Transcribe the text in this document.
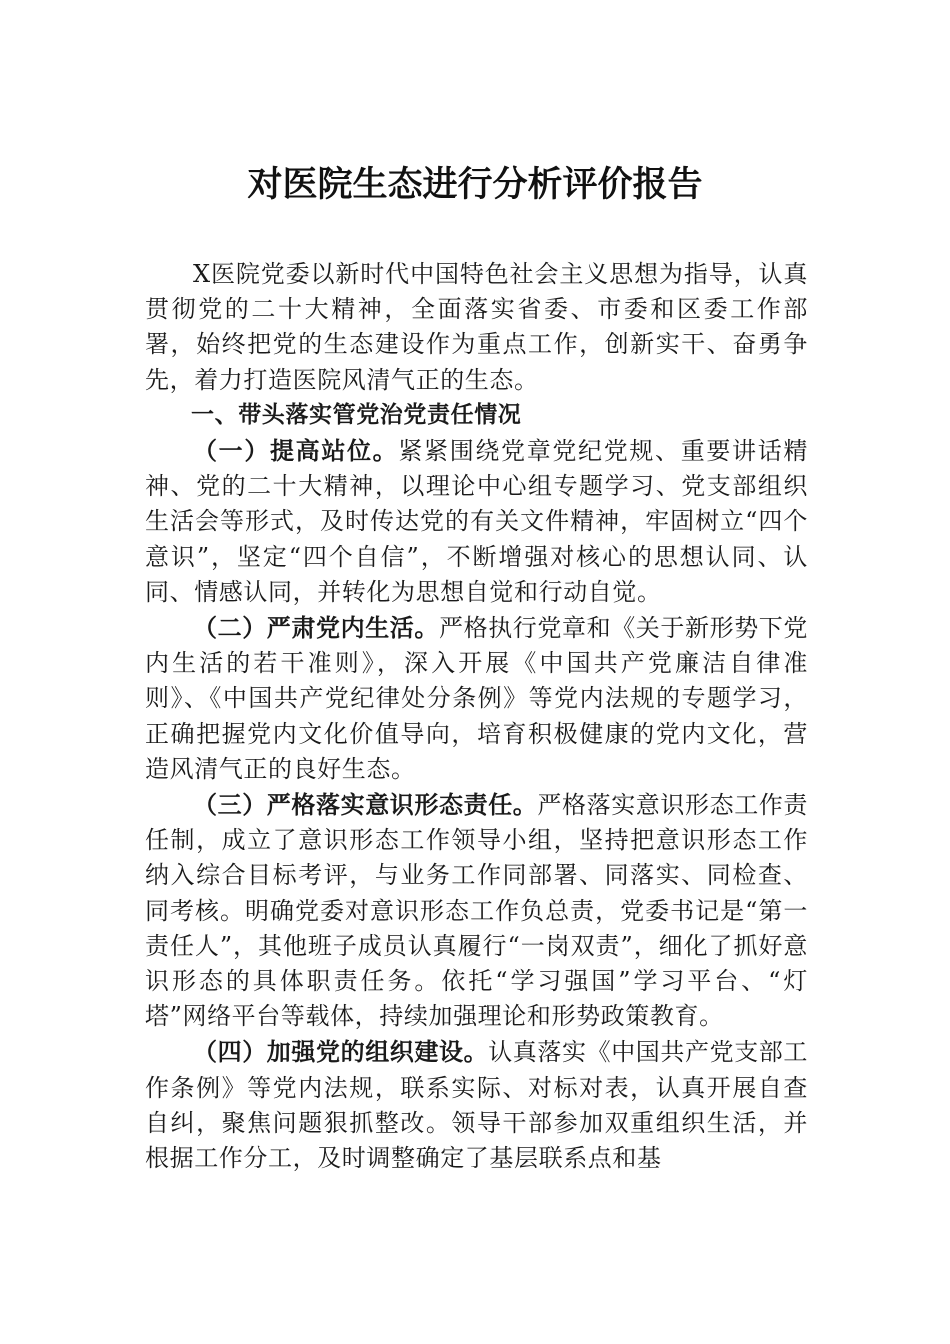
对医院生态进行分析评价报告

X医院党委以新时代中国特色社会主义思想为指导，认真贯彻党的二十大精神，全面落实省委、市委和区委工作部署，始终把党的生态建设作为重点工作，创新实干、奋勇争先，着力打造医院风清气正的生态。

一、带头落实管党治党责任情况

（一）提高站位。紧紧围绕党章党纪党规、重要讲话精神、党的二十大精神，以理论中心组专题学习、党支部组织生活会等形式，及时传达党的有关文件精神，牢固树立“四个意识”，坚定“四个自信”，不断增强对核心的思想认同、认同、情感认同，并转化为思想自觉和行动自觉。

（二）严肃党内生活。严格执行党章和《关于新形势下党内生活的若干准则》，深入开展《中国共产党廉洁自律准则》、《中国共产党纪律处分条例》等党内法规的专题学习，正确把握党内文化价值导向，培育积极健康的党内文化，营造风清气正的良好生态。

（三）严格落实意识形态责任。严格落实意识形态工作责任制，成立了意识形态工作领导小组，坚持把意识形态工作纳入综合目标考评，与业务工作同部署、同落实、同检查、同考核。明确党委对意识形态工作负总责，党委书记是“第一责任人”，其他班子成员认真履行“一岗双责”，细化了抓好意识形态的具体职责任务。依托“学习强国”学习平台、“灯塔”网络平台等载体，持续加强理论和形势政策教育。

（四）加强党的组织建设。认真落实《中国共产党支部工作条例》等党内法规，联系实际、对标对表，认真开展自查自纠，聚焦问题狠抓整改。领导干部参加双重组织生活，并根据工作分工，及时调整确定了基层联系点和基
